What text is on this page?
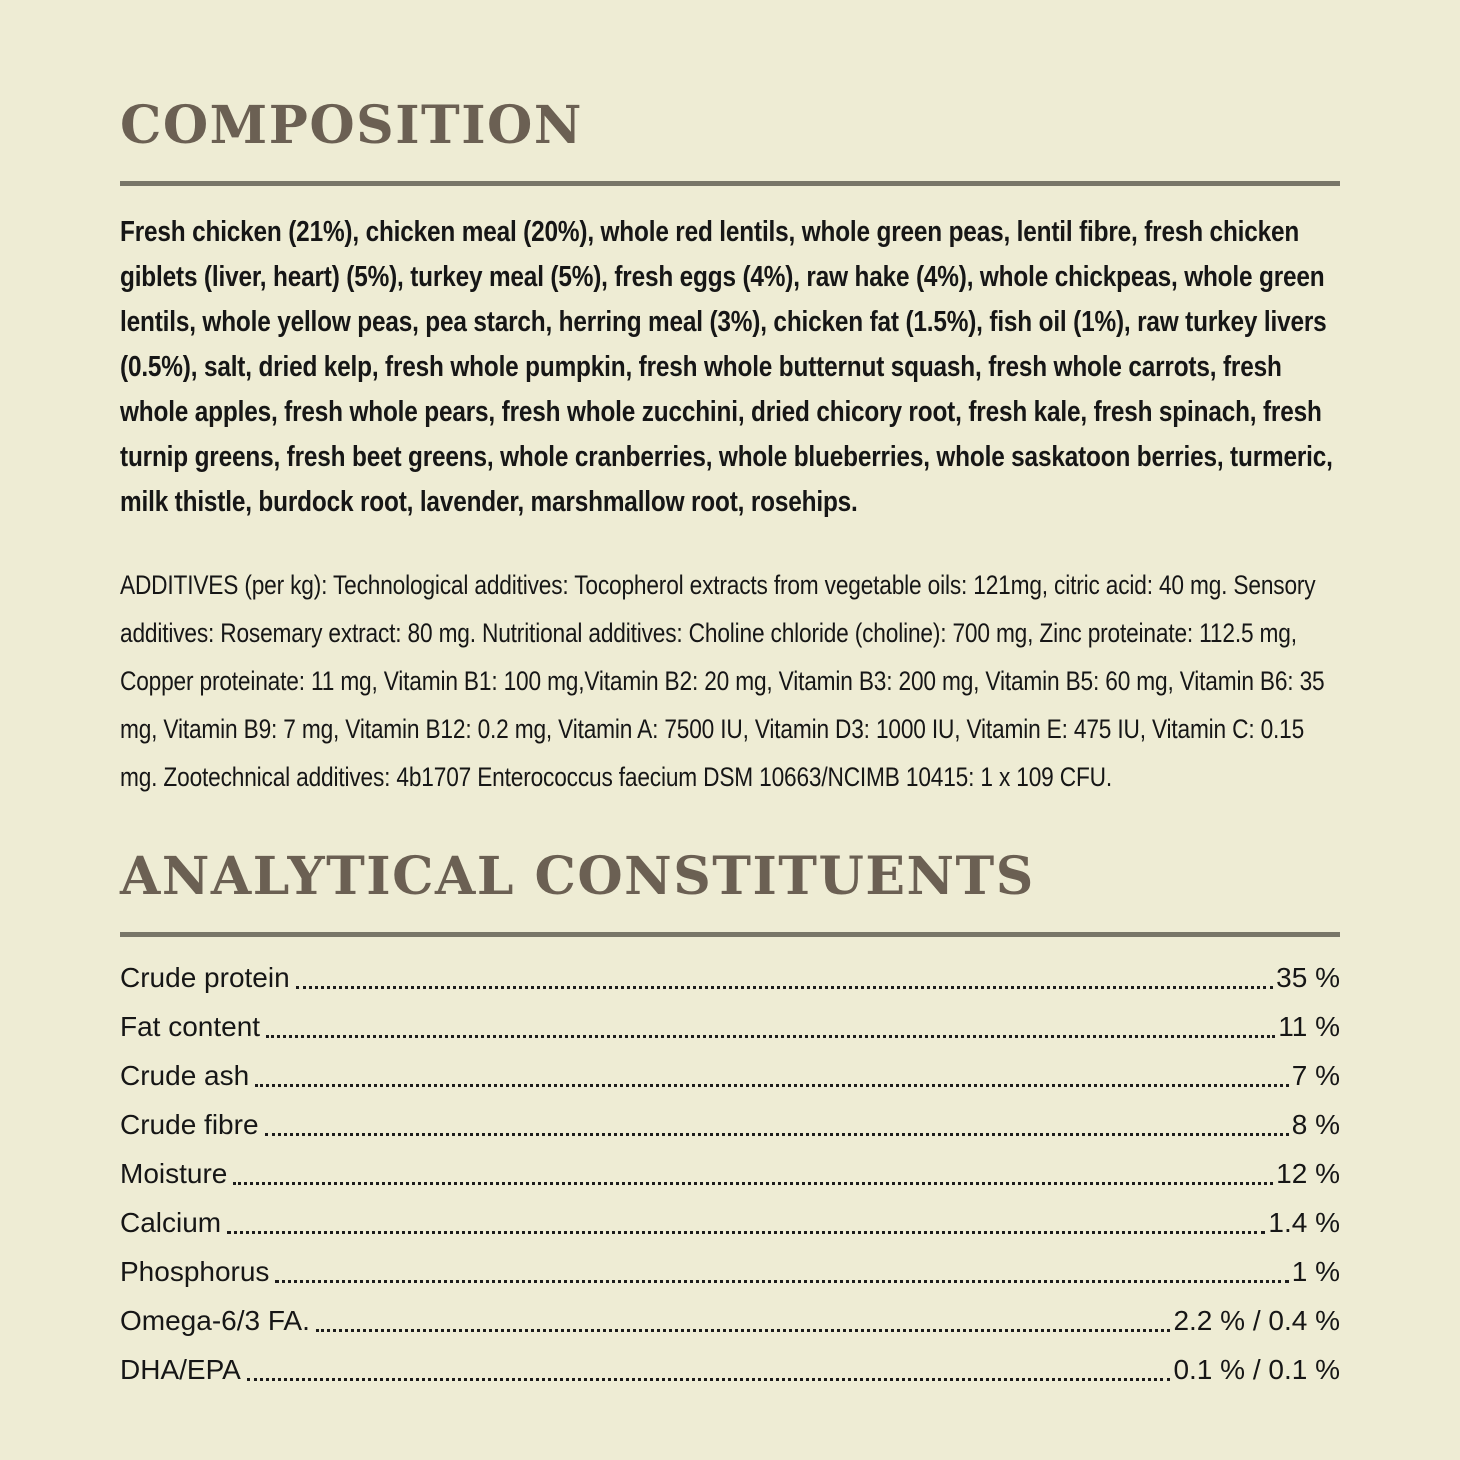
COMPOSITION

Fresh chicken (21%), chicken meal (20%), whole red lentils, whole green peas, lentil fibre, fresh chicken giblets (liver, heart) (5%), turkey meal (5%), fresh eggs (4%), raw hake (4%), whole chickpeas, whole green lentils, whole yellow peas, pea starch, herring meal (3%), chicken fat (1.5%), fish oil (1%), raw turkey livers (0.5%), salt, dried kelp, fresh whole pumpkin, fresh whole butternut squash, fresh whole carrots, fresh whole apples, fresh whole pears, fresh whole zucchini, dried chicory root, fresh kale, fresh spinach, fresh turnip greens, fresh beet greens, whole cranberries, whole blueberries, whole saskatoon berries, turmeric, milk thistle, burdock root, lavender, marshmallow root, rosehips.

ADDITIVES (per kg): Technological additives: Tocopherol extracts from vegetable oils: 121mg, citric acid: 40 mg. Sensory additives: Rosemary extract: 80 mg. Nutritional additives: Choline chloride (choline): 700 mg, Zinc proteinate: 112.5 mg, Copper proteinate: 11 mg, Vitamin B1: 100 mg,Vitamin B2: 20 mg, Vitamin B3: 200 mg, Vitamin B5: 60 mg, Vitamin B6: 35 mg, Vitamin B9: 7 mg, Vitamin B12: 0.2 mg, Vitamin A: 7500 IU, Vitamin D3: 1000 IU, Vitamin E: 475 IU, Vitamin C: 0.15 mg. Zootechnical additives: 4b1707 Enterococcus faecium DSM 10663/NCIMB 10415: 1 x 109 CFU.

ANALYTICAL CONSTITUENTS
Crude protein	35 %
Fat content	11 %
Crude ash	7 %
Crude fibre	8 %
Moisture	12 %
Calcium	1.4 %
Phosphorus	1 %
Omega-6/3 FA.	2.2 % / 0.4 %
DHA/EPA	0.1 % / 0.1 %
